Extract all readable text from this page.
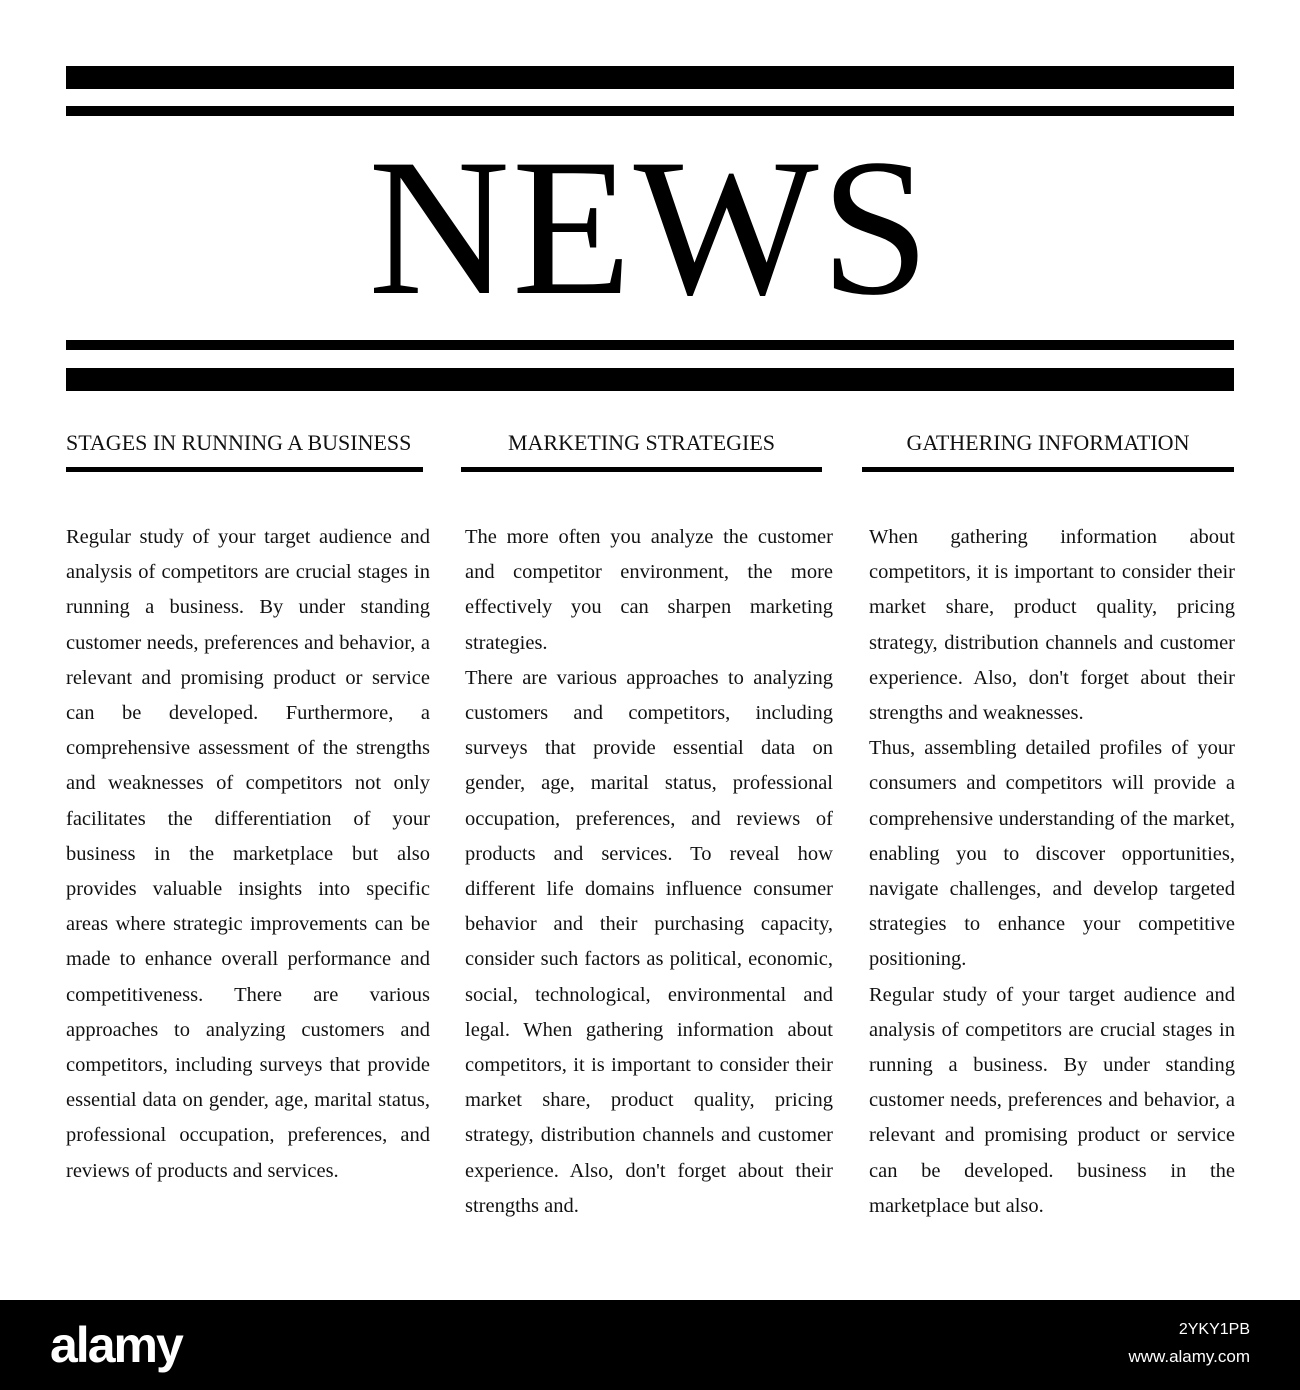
NEWS
STAGES IN RUNNING A BUSINESS	MARKETING STRATEGIES	GATHERING INFORMATION

Regular study of your target audience and analysis of competitors are crucial stages in running a business. By under standing customer needs, preferences and behavior, a relevant and promising product or service can be developed. Furthermore, a comprehensive assessment of the strengths and weaknesses of competitors not only facilitates the differentiation of your business in the marketplace but also provides valuable insights into specific areas where strategic improvements can be made to enhance overall performance and competitiveness. There are various approaches to analyzing customers and competitors, including surveys that provide essential data on gender, age, marital status, professional occupation, preferences, and reviews of products and services.

The more often you analyze the customer and competitor environment, the more effectively you can sharpen marketing strategies.

There are various approaches to analyzing customers and competitors, including surveys that provide essential data on gender, age, marital status, professional occupation, preferences, and reviews of products and services. To reveal how different life domains influence consumer behavior and their purchasing capacity, consider such factors as political, economic, social, technological, environmental and legal. When gathering information about competitors, it is important to consider their market share, product quality, pricing strategy, distribution channels and customer experience. Also, don't forget about their strengths and.

When gathering information about competitors, it is important to consider their market share, product quality, pricing strategy, distribution channels and customer experience. Also, don't forget about their strengths and weaknesses.

Thus, assembling detailed profiles of your consumers and competitors will provide a comprehensive understanding of the market, enabling you to discover opportunities, navigate challenges, and develop targeted strategies to enhance your competitive positioning.

Regular study of your target audience and analysis of competitors are crucial stages in running a business. By under standing customer needs, preferences and behavior, a relevant and promising product or service can be developed. business in the marketplace but also.

alamy	2YKY1PB
www.alamy.com
